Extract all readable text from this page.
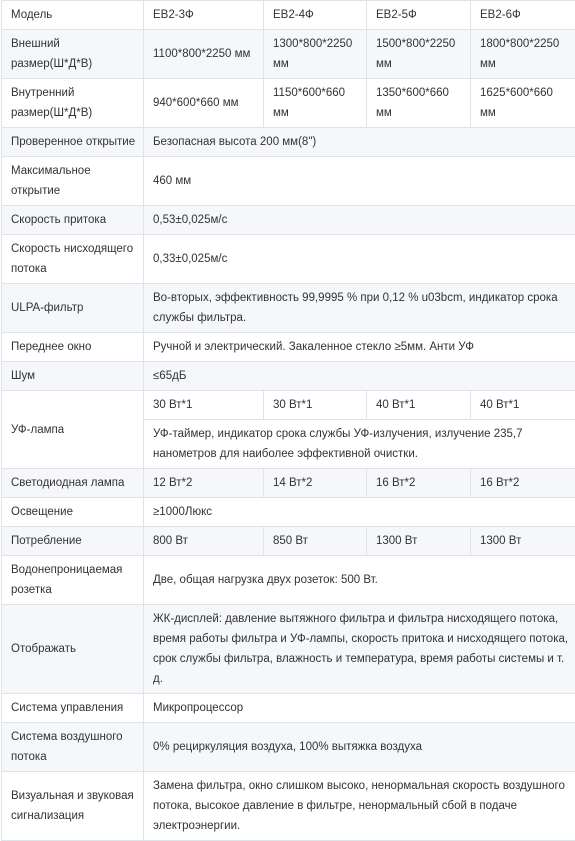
Модель	EB2-3Ф	EB2-4Ф	EB2-5Ф	EB2-6Ф
Внешний размер(Ш*Д*В)	1100*800*2250 мм	1300*800*2250 мм	1500*800*2250 мм	1800*800*2250 мм
Внутренний размер(Ш*Д*В)	940*600*660 мм	1150*600*660 мм	1350*600*660 мм	1625*600*660 мм
Проверенное открытие	Безопасная высота 200 мм(8")			
Максимальное открытие	460 мм			
Скорость притока	0,53±0,025м/с			
Скорость нисходящего потока	0,33±0,025м/с			
ULPA-фильтр	Во-вторых, эффективность 99,9995 % при 0,12 % u03bcm, индикатор срока службы фильтра.			
Переднее окно	Ручной и электрический. Закаленное стекло ≥5мм. Анти УФ			
Шум	≤65дБ			
УФ-лампа	30 Вт*1	30 Вт*1	40 Вт*1	40 Вт*1
	УФ-таймер, индикатор срока службы УФ-излучения, излучение 235,7 нанометров для наиболее эффективной очистки.			
Светодиодная лампа	12 Вт*2	14 Вт*2	16 Вт*2	16 Вт*2
Освещение	≥1000Люкс			
Потребление	800 Вт	850 Вт	1300 Вт	1300 Вт
Водонепроницаемая розетка	Две, общая нагрузка двух розеток: 500 Вт.			
Отображать	ЖК-дисплей: давление вытяжного фильтра и фильтра нисходящего потока, время работы фильтра и УФ-лампы, скорость притока и нисходящего потока, срок службы фильтра, влажность и температура, время работы системы и т. д.			
Система управления	Микропроцессор			
Система воздушного потока	0% рециркуляция воздуха, 100% вытяжка воздуха			
Визуальная и звуковая сигнализация	Замена фильтра, окно слишком высоко, ненормальная скорость воздушного потока, высокое давление в фильтре, ненормальный сбой в подаче электроэнергии.			
